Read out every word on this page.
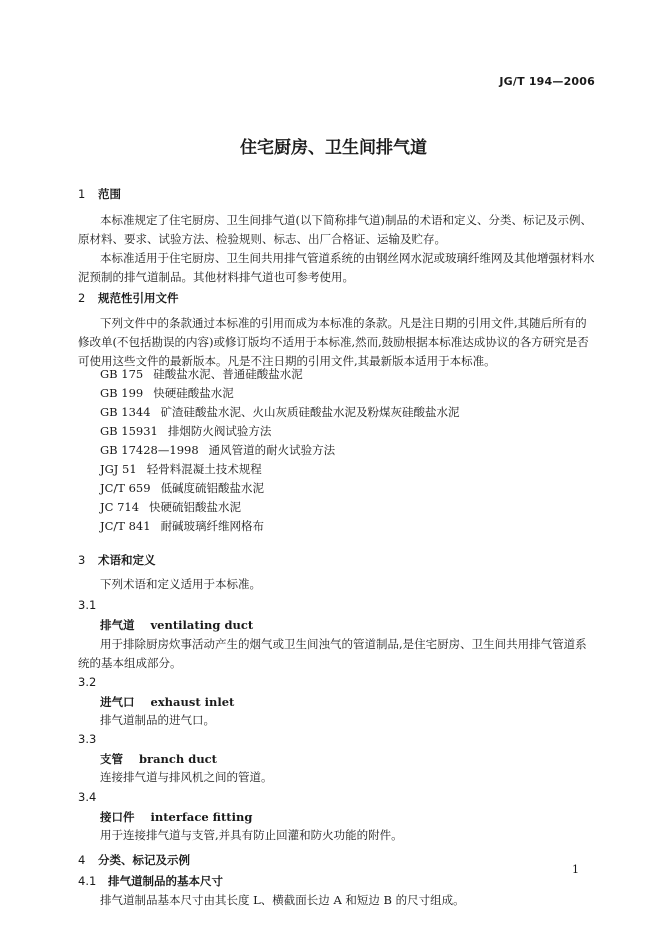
JG/T 194—2006
住宅厨房、卫生间排气道
1 范围
本标准规定了住宅厨房、卫生间排气道(以下简称排气道)制品的术语和定义、分类、标记及示例、原材料、要求、试验方法、检验规则、标志、出厂合格证、运输及贮存。
本标准适用于住宅厨房、卫生间共用排气管道系统的由钢丝网水泥或玻璃纤维网及其他增强材料水泥预制的排气道制品。其他材料排气道也可参考使用。
2 规范性引用文件
下列文件中的条款通过本标准的引用而成为本标准的条款。凡是注日期的引用文件,其随后所有的修改单(不包括勘误的内容)或修订版均不适用于本标准,然而,鼓励根据本标准达成协议的各方研究是否可使用这些文件的最新版本。凡是不注日期的引用文件,其最新版本适用于本标准。
GB 175 硅酸盐水泥、普通硅酸盐水泥
GB 199 快硬硅酸盐水泥
GB 1344 矿渣硅酸盐水泥、火山灰质硅酸盐水泥及粉煤灰硅酸盐水泥
GB 15931 排烟防火阀试验方法
GB 17428—1998 通风管道的耐火试验方法
JGJ 51 轻骨料混凝土技术规程
JC/T 659 低碱度硫铝酸盐水泥
JC 714 快硬硫铝酸盐水泥
JC/T 841 耐碱玻璃纤维网格布
3 术语和定义
下列术语和定义适用于本标准。
3.1
排气道 ventilating duct
用于排除厨房炊事活动产生的烟气或卫生间浊气的管道制品,是住宅厨房、卫生间共用排气管道系统的基本组成部分。
3.2
进气口 exhaust inlet
排气道制品的进气口。
3.3
支管 branch duct
连接排气道与排风机之间的管道。
3.4
接口件 interface fitting
用于连接排气道与支管,并具有防止回灌和防火功能的附件。
4 分类、标记及示例
4.1 排气道制品的基本尺寸
排气道制品基本尺寸由其长度 L、横截面长边 A 和短边 B 的尺寸组成。
1
